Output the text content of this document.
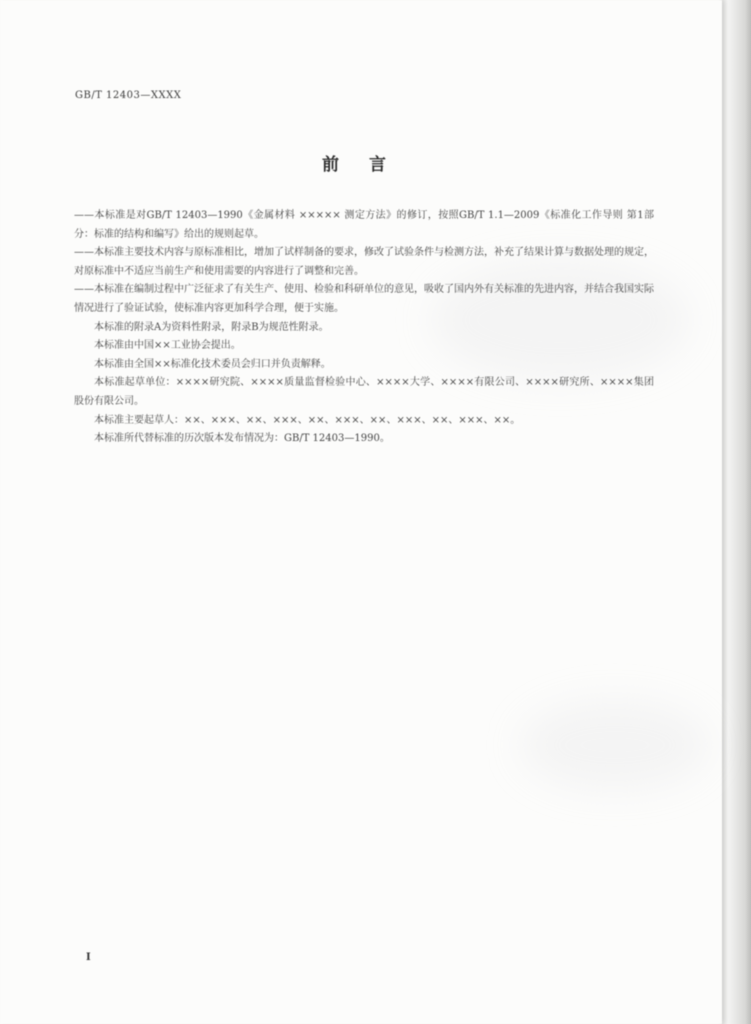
GB/T 12403—XXXX
前言

——本标准是对GB/T 12403—1990《金属材料 ××××× 测定方法》的修订，按照GB/T 1.1—2009《标准化工作导则 第1部分：标准的结构和编写》给出的规则起草。

——本标准主要技术内容与原标准相比，增加了试样制备的要求，修改了试验条件与检测方法，补充了结果计算与数据处理的规定，对原标准中不适应当前生产和使用需要的内容进行了调整和完善。

——本标准在编制过程中广泛征求了有关生产、使用、检验和科研单位的意见，吸收了国内外有关标准的先进内容，并结合我国实际情况进行了验证试验，使标准内容更加科学合理，便于实施。

本标准的附录A为资料性附录，附录B为规范性附录。

本标准由中国××工业协会提出。

本标准由全国××标准化技术委员会归口并负责解释。

本标准起草单位：××××研究院、××××质量监督检验中心、××××大学、××××有限公司、××××研究所、××××集团股份有限公司。

本标准主要起草人：××、×××、××、×××、××、×××、××、×××、××、×××、××。

本标准所代替标准的历次版本发布情况为：GB/T 12403—1990。

I
